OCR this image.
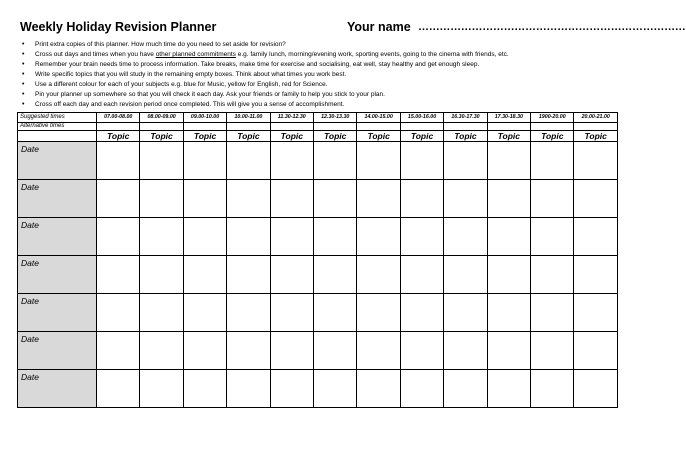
Weekly Holiday Revision Planner	Your name …………………………………………………………………
• Print extra copies of this planner. How much time do you need to set aside for revision?
• Cross out days and times when you have other planned commitments e.g. family lunch, morning/evening work, sporting events, going to the cinema with friends, etc.
• Remember your brain needs time to process information. Take breaks, make time for exercise and socialising, eat well, stay healthy and get enough sleep.
• Write specific topics that you will study in the remaining empty boxes. Think about what times you work best.
• Use a different colour for each of your subjects e.g. blue for Music, yellow for English, red for Science.
• Pin your planner up somewhere so that you will check it each day. Ask your friends or family to help you stick to your plan.
• Cross off each day and each revision period once completed. This will give you a sense of accomplishment.
Suggested times	07.00-08.00	08.00-09.00	09.00-10.00	10.00-11.00	11.30-12.30	12.30-13.30	14.00-15.00	15.00-16.00	16.30-17.30	17.30-18.30	1900-20.00	20.00-21.00
Alternative times												
	Topic	Topic	Topic	Topic	Topic	Topic	Topic	Topic	Topic	Topic	Topic	Topic

Date												

Date												

Date												

Date												

Date												

Date												

Date												
